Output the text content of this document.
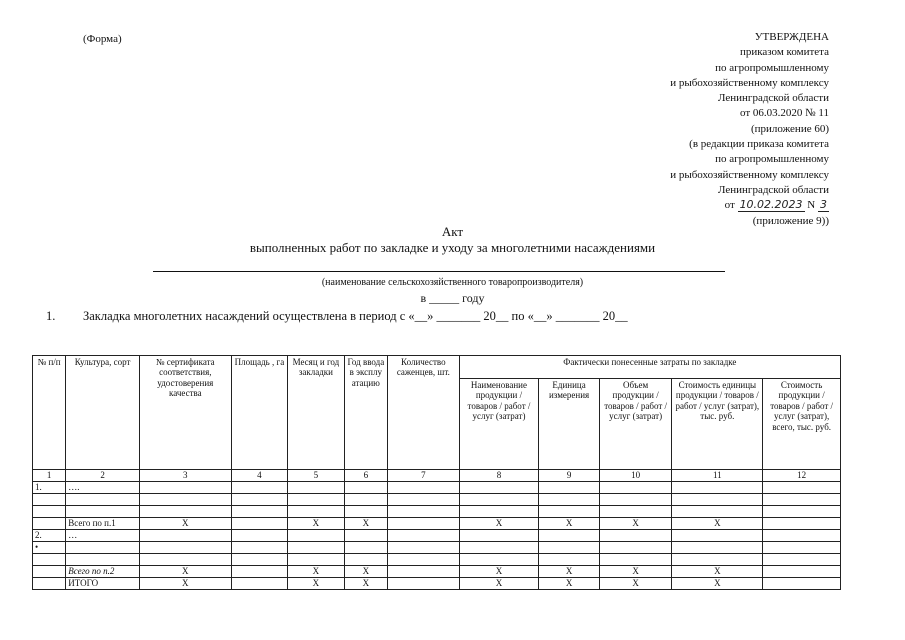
(Форма)	УТВЕРЖДЕНА
приказом комитета
по агропромышленному
и рыбохозяйственному комплексу
Ленинградской области
от 06.03.2020 № 11
(приложение 60)
(в редакции приказа комитета
по агропромышленному
и рыбохозяйственному комплексу
Ленинградской области
от 10.02.2023 N 3
(приложение 9))
Акт
выполненных работ по закладке и уходу за многолетними насаждениями
(наименование сельскохозяйственного товаропроизводителя)
в _____ году
1. Закладка многолетних насаждений осуществлена в период с «__» _______ 20__ по «__» _______ 20__
№ п/п	Культура, сорт	№ сертификата соответствия, удостоверения качества	Площадь , га	Месяц и год закладки	Год ввода в эксплу атацию	Количество саженцев, шт.	Фактически понесенные затраты по закладке				
							Наименование продукции / товаров / работ / услуг (затрат)	Единица измерения	Объем продукции / товаров / работ / услуг (затрат)	Стоимость единицы продукции / товаров / работ / услуг (затрат), тыс. руб.	Стоимость продукции / товаров / работ / услуг (затрат), всего, тыс. руб.
1	2	3	4	5	6	7	8	9	10	11	12
1.	….										

	Всего по п.1	X		X	X		X	X	X	X	
2.	…										
•											

	Всего по п.2	X		X	X		X	X	X	X	
	ИТОГО	X		X	X		X	X	X	X	
